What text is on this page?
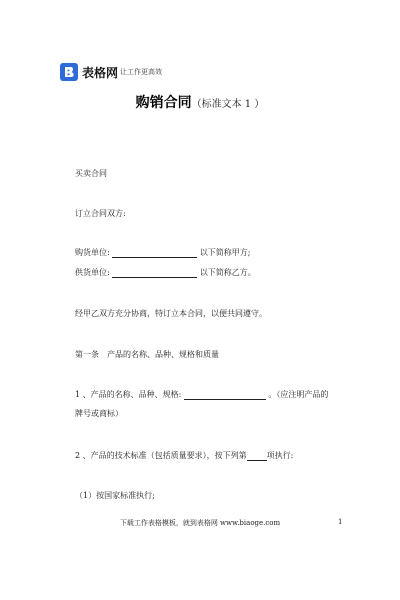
表格网 让工作更高效
购销合同（标准文本 1 ）
买卖合同
订立合同双方:
购货单位:	以下简称甲方;
供货单位:	以下简称乙方。
经甲乙双方充分协商，特订立本合同，以便共同遵守。
第一条　产品的名称、品种、规格和质量
1 、产品的名称、品种、规格:	。（应注明产品的
牌号或商标）
2 、产品的技术标准（包括质量要求），按下列第	项执行:
（1）按国家标准执行;
下载工作表格模板，就到表格网 www.biaoge.com	1
